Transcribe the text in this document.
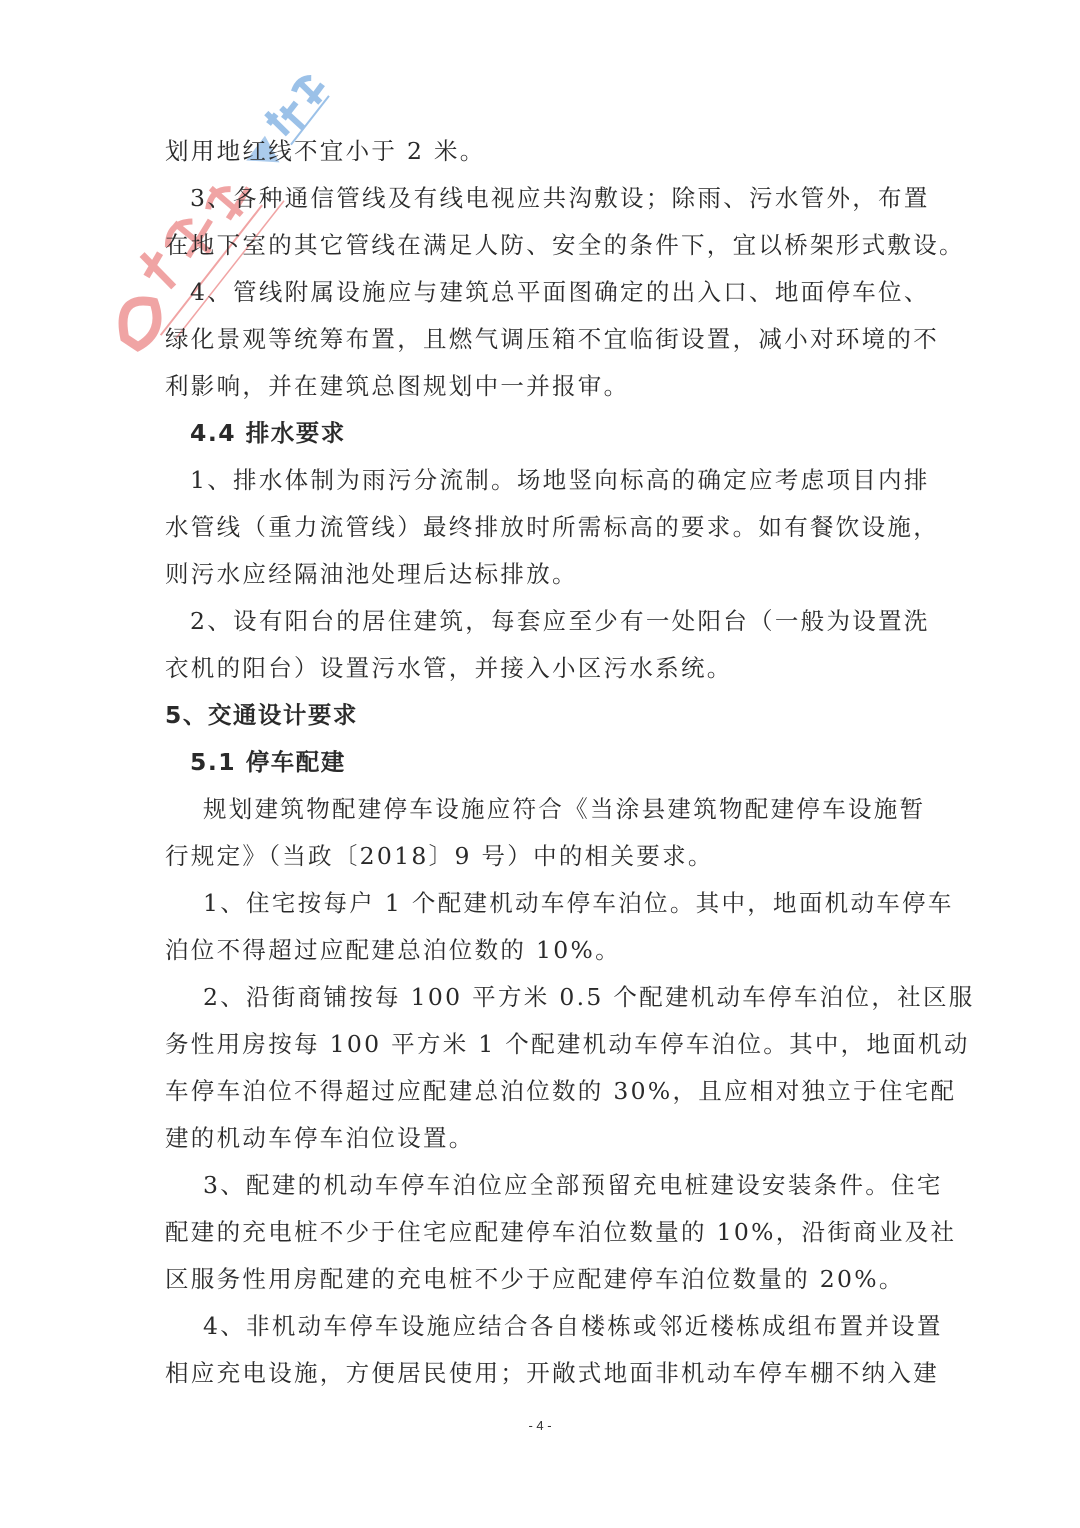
划用地红线不宜小于 2 米。
3、各种通信管线及有线电视应共沟敷设；除雨、污水管外，布置
在地下室的其它管线在满足人防、安全的条件下，宜以桥架形式敷设。
4、管线附属设施应与建筑总平面图确定的出入口、地面停车位、
绿化景观等统筹布置，且燃气调压箱不宜临街设置，减小对环境的不
利影响，并在建筑总图规划中一并报审。
4.4 排水要求
1、排水体制为雨污分流制。场地竖向标高的确定应考虑项目内排
水管线（重力流管线）最终排放时所需标高的要求。如有餐饮设施，
则污水应经隔油池处理后达标排放。
2、设有阳台的居住建筑，每套应至少有一处阳台（一般为设置洗
衣机的阳台）设置污水管，并接入小区污水系统。
5、交通设计要求
5.1 停车配建
规划建筑物配建停车设施应符合《当涂县建筑物配建停车设施暂
行规定》（当政〔2018〕9 号）中的相关要求。
1、住宅按每户 1 个配建机动车停车泊位。其中，地面机动车停车
泊位不得超过应配建总泊位数的 10%。
2、沿街商铺按每 100 平方米 0.5 个配建机动车停车泊位，社区服
务性用房按每 100 平方米 1 个配建机动车停车泊位。其中，地面机动
车停车泊位不得超过应配建总泊位数的 30%，且应相对独立于住宅配
建的机动车停车泊位设置。
3、配建的机动车停车泊位应全部预留充电桩建设安装条件。住宅
配建的充电桩不少于住宅应配建停车泊位数量的 10%，沿街商业及社
区服务性用房配建的充电桩不少于应配建停车泊位数量的 20%。
4、非机动车停车设施应结合各自楼栋或邻近楼栋成组布置并设置
相应充电设施，方便居民使用；开敞式地面非机动车停车棚不纳入建
- 4 -
